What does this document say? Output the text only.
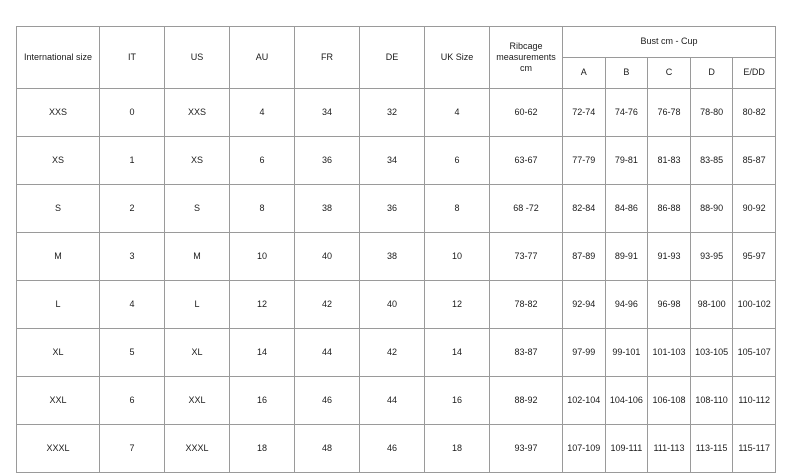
International size	IT	US	AU	FR	DE	UK Size	Ribcage measurements cm	Bust cm - Cup				
								A	B	C	D	E/DD
XXS	0	XXS	4	34	32	4	60-62	72-74	74-76	76-78	78-80	80-82
XS	1	XS	6	36	34	6	63-67	77-79	79-81	81-83	83-85	85-87
S	2	S	8	38	36	8	68 -72	82-84	84-86	86-88	88-90	90-92
M	3	M	10	40	38	10	73-77	87-89	89-91	91-93	93-95	95-97
L	4	L	12	42	40	12	78-82	92-94	94-96	96-98	98-100	100-102
XL	5	XL	14	44	42	14	83-87	97-99	99-101	101-103	103-105	105-107
XXL	6	XXL	16	46	44	16	88-92	102-104	104-106	106-108	108-110	110-112
XXXL	7	XXXL	18	48	46	18	93-97	107-109	109-111	111-113	113-115	115-117
